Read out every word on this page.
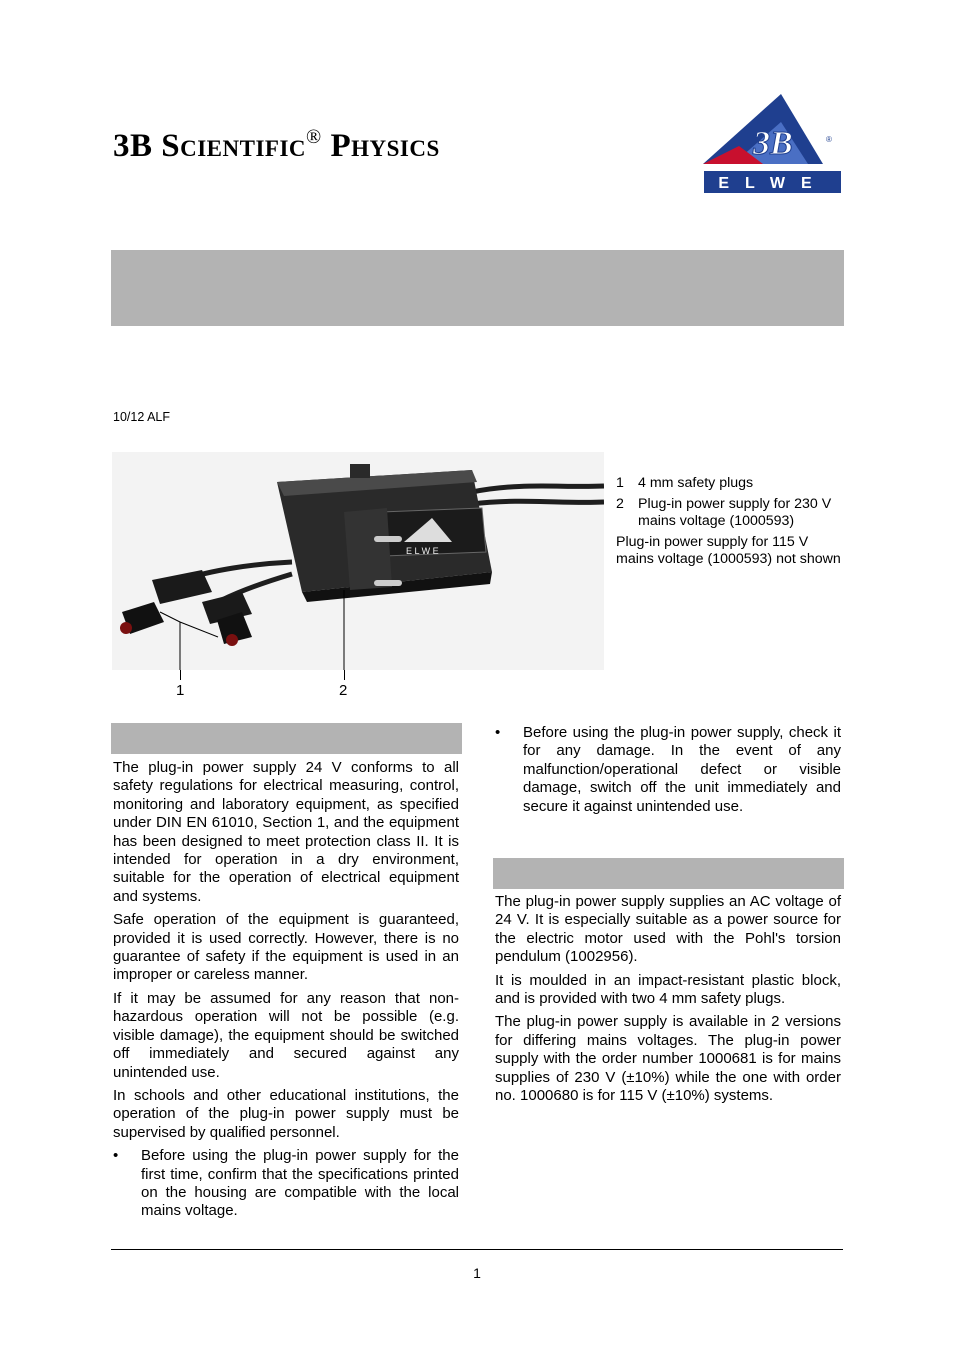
3B Scientific® Physics	3B	®
ELWE
10/12 ALF
E L W E
1	2
1 4 mm safety plugs
2 Plug-in power supply for 230 V mains voltage (1000593)
Plug-in power supply for 115 V mains voltage (1000593) not shown

The plug-in power supply 24 V conforms to all safety regulations for electrical measuring, control, monitoring and laboratory equipment, as specified under DIN EN 61010, Section 1, and the equipment has been designed to meet protection class II. It is intended for operation in a dry environment, suitable for the operation of electrical equipment and systems.

Safe operation of the equipment is guaranteed, provided it is used correctly. However, there is no guarantee of safety if the equipment is used in an improper or careless manner.

If it may be assumed for any reason that non-hazardous operation will not be possible (e.g. visible damage), the equipment should be switched off immediately and secured against any unintended use.

In schools and other educational institutions, the operation of the plug-in power supply must be supervised by qualified personnel.

•	Before using the plug-in power supply for the first time, confirm that the specifications printed on the housing are compatible with the local mains voltage.
•	Before using the plug-in power supply, check it for any damage. In the event of any malfunction/operational defect or visible damage, switch off the unit immediately and secure it against unintended use.

The plug-in power supply supplies an AC voltage of 24 V. It is especially suitable as a power source for the electric motor used with the Pohl's torsion pendulum (1002956).

It is moulded in an impact-resistant plastic block, and is provided with two 4 mm safety plugs.

The plug-in power supply is available in 2 versions for differing mains voltages. The plug-in power supply with the order number 1000681 is for mains supplies of 230 V (±10%) while the one with order no. 1000680 is for 115 V (±10%) systems.

1
